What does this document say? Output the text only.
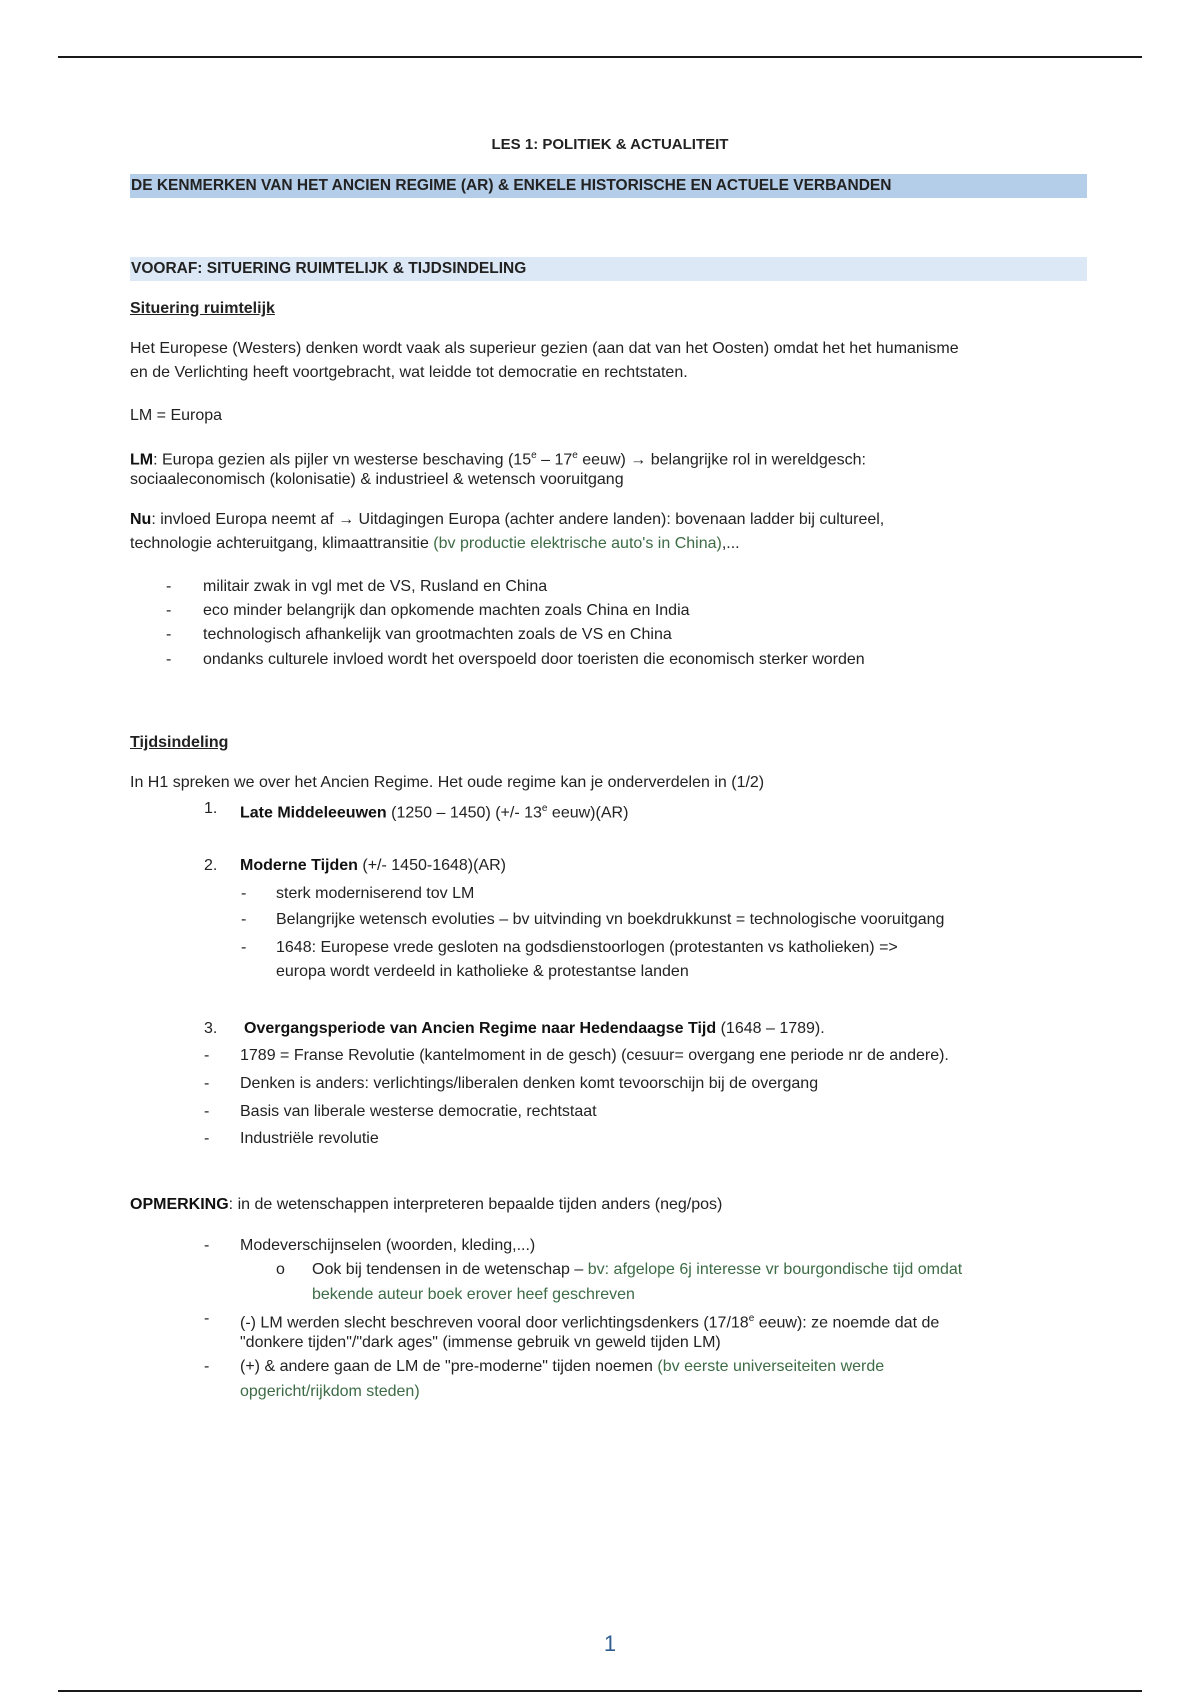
LES 1: POLITIEK & ACTUALITEIT
DE KENMERKEN VAN HET ANCIEN REGIME (AR) & ENKELE HISTORISCHE EN ACTUELE VERBANDEN
VOORAF: SITUERING RUIMTELIJK & TIJDSINDELING
Situering ruimtelijk
Het Europese (Westers) denken wordt vaak als superieur gezien (aan dat van het Oosten) omdat het het humanisme
en de Verlichting heeft voortgebracht, wat leidde tot democratie en rechtstaten.
LM = Europa
LM: Europa gezien als pijler vn westerse beschaving (15e – 17e eeuw) → belangrijke rol in wereldgesch:
sociaaleconomisch (kolonisatie) & industrieel & wetensch vooruitgang
Nu: invloed Europa neemt af → Uitdagingen Europa (achter andere landen): bovenaan ladder bij cultureel,
technologie achteruitgang, klimaattransitie (bv productie elektrische auto's in China),...
- militair zwak in vgl met de VS, Rusland en China
- eco minder belangrijk dan opkomende machten zoals China en India
- technologisch afhankelijk van grootmachten zoals de VS en China
- ondanks culturele invloed wordt het overspoeld door toeristen die economisch sterker worden
Tijdsindeling
In H1 spreken we over het Ancien Regime. Het oude regime kan je onderverdelen in (1/2)
1. Late Middeleeuwen (1250 – 1450) (+/- 13e eeuw)(AR)
2. Moderne Tijden (+/- 1450-1648)(AR)
- sterk moderniserend tov LM
- Belangrijke wetensch evoluties – bv uitvinding vn boekdrukkunst = technologische vooruitgang
- 1648: Europese vrede gesloten na godsdienstoorlogen (protestanten vs katholieken) =>
europa wordt verdeeld in katholieke & protestantse landen
3. Overgangsperiode van Ancien Regime naar Hedendaagse Tijd (1648 – 1789).
- 1789 = Franse Revolutie (kantelmoment in de gesch) (cesuur= overgang ene periode nr de andere).
- Denken is anders: verlichtings/liberalen denken komt tevoorschijn bij de overgang
- Basis van liberale westerse democratie, rechtstaat
- Industriële revolutie
OPMERKING: in de wetenschappen interpreteren bepaalde tijden anders (neg/pos)
- Modeverschijnselen (woorden, kleding,...)
o Ook bij tendensen in de wetenschap – bv: afgelope 6j interesse vr bourgondische tijd omdat
bekende auteur boek erover heef geschreven
- (-) LM werden slecht beschreven vooral door verlichtingsdenkers (17/18e eeuw): ze noemde dat de
"donkere tijden"/"dark ages" (immense gebruik vn geweld tijden LM)
- (+) & andere gaan de LM de "pre-moderne" tijden noemen (bv eerste universeiteiten werde
opgericht/rijkdom steden)
1
